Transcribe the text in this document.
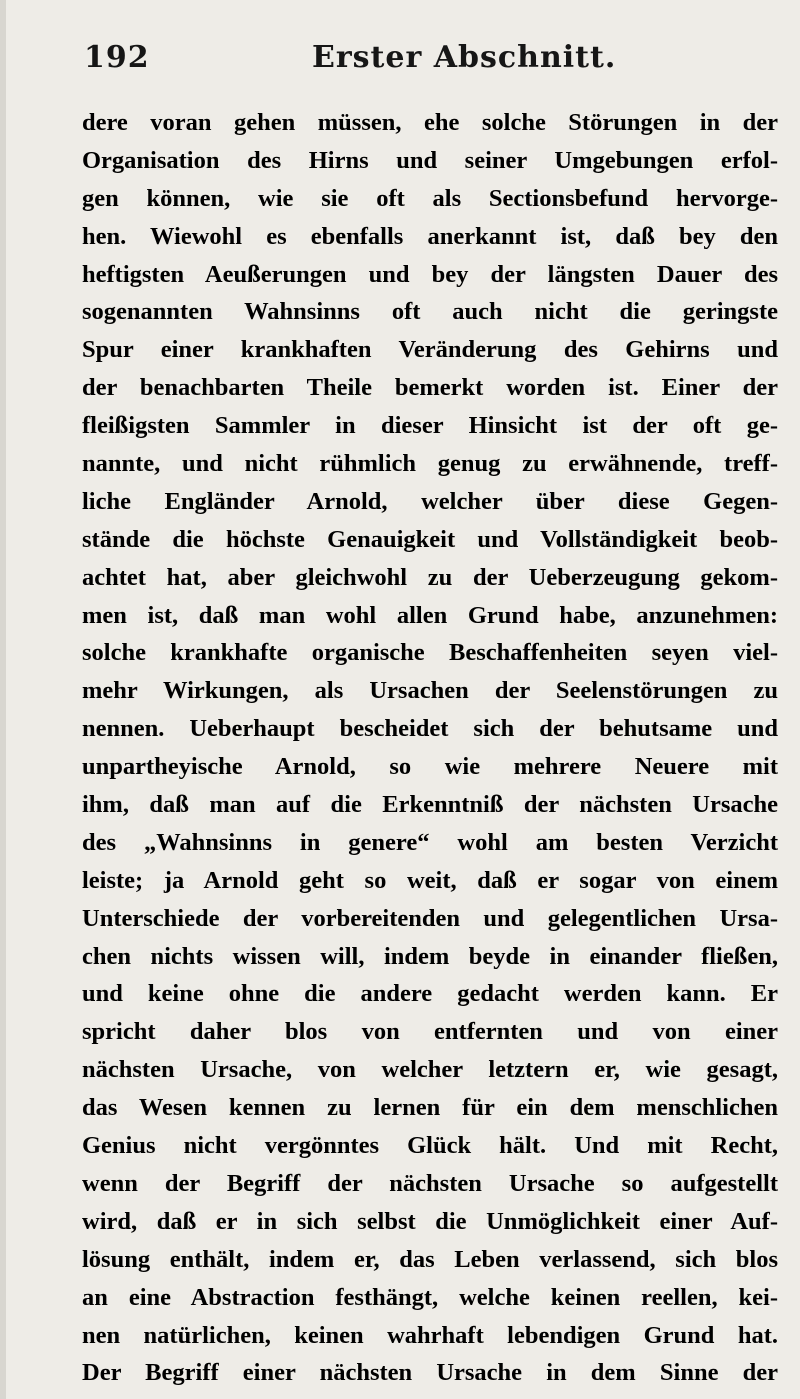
192	Erster Abschnitt.
dere voran gehen müssen, ehe solche Störungen in der
Organisation des Hirns und seiner Umgebungen erfol-
gen können, wie sie oft als Sectionsbefund hervorge-
hen. Wiewohl es ebenfalls anerkannt ist, daß bey den
heftigsten Aeußerungen und bey der längsten Dauer des
sogenannten Wahnsinns oft auch nicht die geringste
Spur einer krankhaften Veränderung des Gehirns und
der benachbarten Theile bemerkt worden ist. Einer der
fleißigsten Sammler in dieser Hinsicht ist der oft ge-
nannte, und nicht rühmlich genug zu erwähnende, treff-
liche Engländer Arnold, welcher über diese Gegen-
stände die höchste Genauigkeit und Vollständigkeit beob-
achtet hat, aber gleichwohl zu der Ueberzeugung gekom-
men ist, daß man wohl allen Grund habe, anzunehmen:
solche krankhafte organische Beschaffenheiten seyen viel-
mehr Wirkungen, als Ursachen der Seelenstörungen zu
nennen. Ueberhaupt bescheidet sich der behutsame und
unpartheyische Arnold, so wie mehrere Neuere mit
ihm, daß man auf die Erkenntniß der nächsten Ursache
des „Wahnsinns in genere“ wohl am besten Verzicht
leiste; ja Arnold geht so weit, daß er sogar von einem
Unterschiede der vorbereitenden und gelegentlichen Ursa-
chen nichts wissen will, indem beyde in einander fließen,
und keine ohne die andere gedacht werden kann. Er
spricht daher blos von entfernten und von einer
nächsten Ursache, von welcher letztern er, wie gesagt,
das Wesen kennen zu lernen für ein dem menschlichen
Genius nicht vergönntes Glück hält. Und mit Recht,
wenn der Begriff der nächsten Ursache so aufgestellt
wird, daß er in sich selbst die Unmöglichkeit einer Auf-
lösung enthält, indem er, das Leben verlassend, sich blos
an eine Abstraction festhängt, welche keinen reellen, kei-
nen natürlichen, keinen wahrhaft lebendigen Grund hat.
Der Begriff einer nächsten Ursache in dem Sinne der
